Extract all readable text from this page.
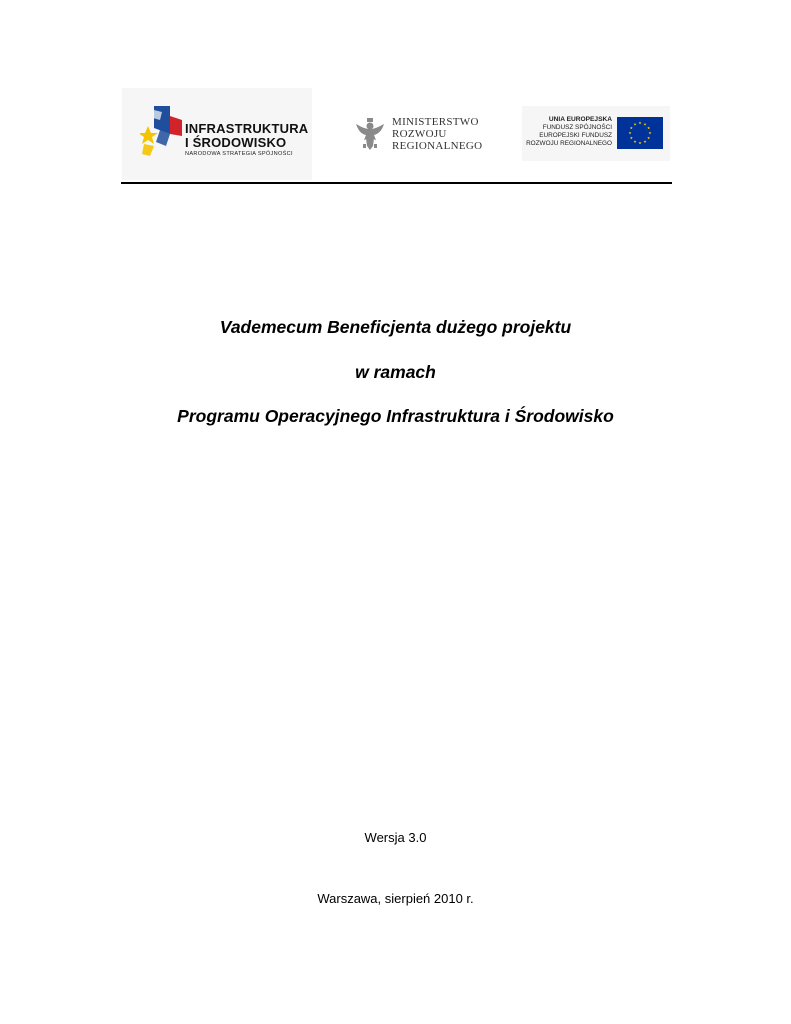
INFRASTRUKTURA
I ŚRODOWISKO
NARODOWA STRATEGIA SPÓJNOŚCI
MINISTERSTWO
ROZWOJU
REGIONALNEGO
UNIA EUROPEJSKA
FUNDUSZ SPÓJNOŚCI
EUROPEJSKI FUNDUSZ
ROZWOJU REGIONALNEGO
Vademecum Beneficjenta dużego projektu
w ramach
Programu Operacyjnego Infrastruktura i Środowisko
Wersja 3.0
Warszawa, sierpień 2010 r.
